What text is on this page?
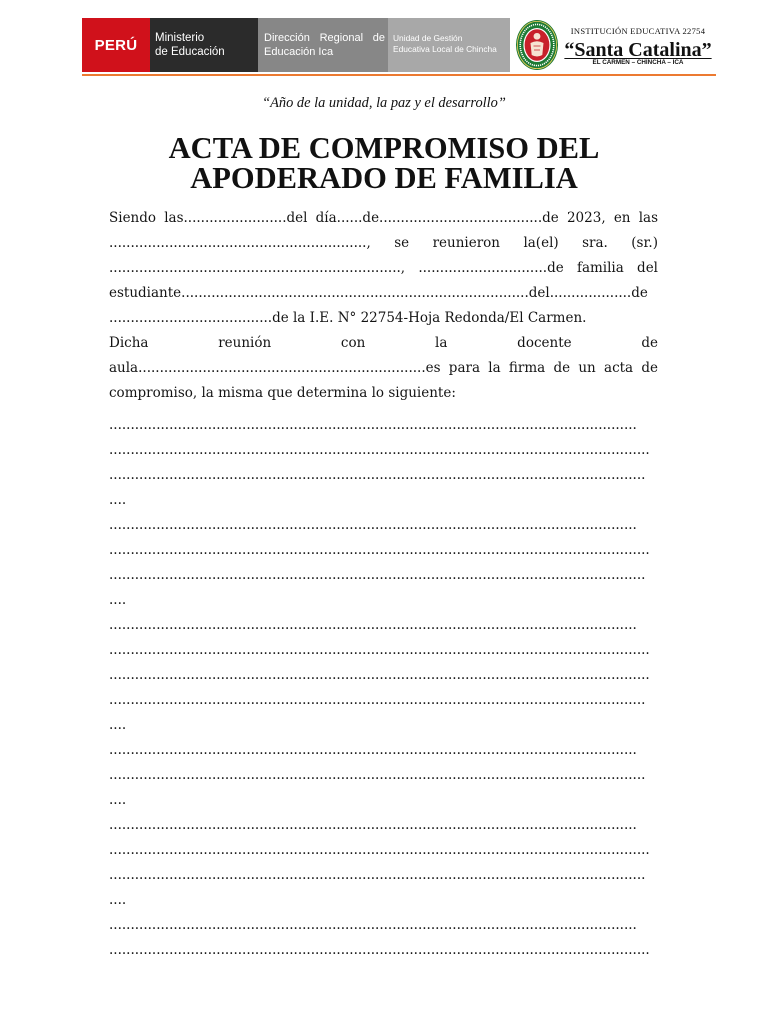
PERÚ Ministerio
de Educación
Dirección Regional de
Educación Ica
Unidad de Gestión
Educativa Local de Chincha
INSTITUCIÓN EDUCATIVA 22754
“Santa Catalina”
EL CARMEN – CHINCHA – ICA
“Año de la unidad, la paz y el desarrollo”
ACTA DE COMPROMISO DEL
APODERADO DE FAMILIA
Siendo las........................del día......de......................................de 2023, en las
............................................................, se reunieron la(el) sra. (sr.)
...................................................................., ..............................de familia del
estudiante.................................................................................del...................de
......................................de la I.E. N° 22754-Hoja Redonda/El Carmen.
Dicha reunión con la docente de
aula...................................................................es para la firma de un acta de
compromiso, la misma que determina lo siguiente:
...........................................................................................................................
..............................................................................................................................
.............................................................................................................................
....
...........................................................................................................................
..............................................................................................................................
.............................................................................................................................
....
...........................................................................................................................
..............................................................................................................................
..............................................................................................................................
.............................................................................................................................
....
...........................................................................................................................
.............................................................................................................................
....
...........................................................................................................................
..............................................................................................................................
.............................................................................................................................
....
...........................................................................................................................
..............................................................................................................................
